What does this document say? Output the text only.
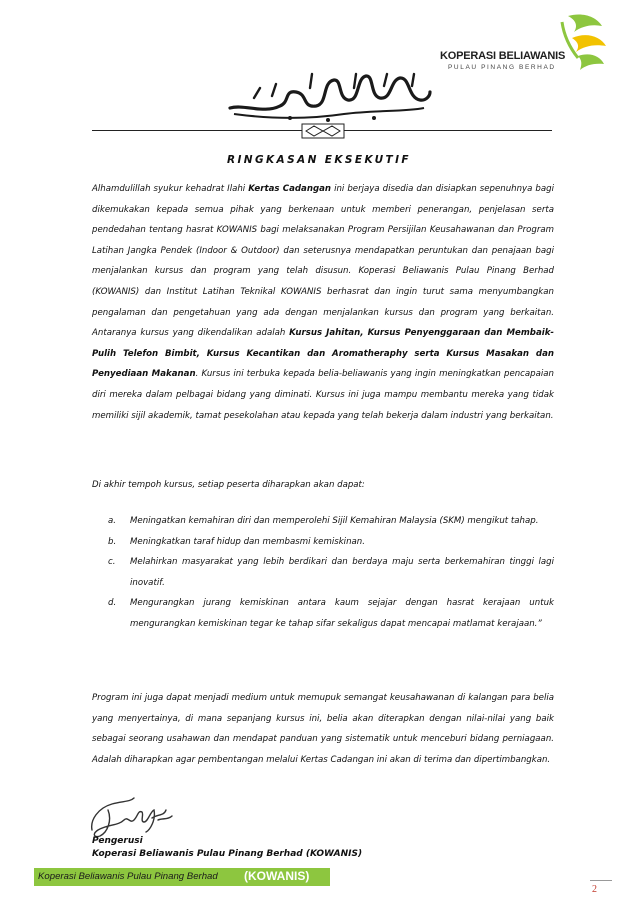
KOPERASI BELIAWANIS
PULAU PINANG BERHAD
RINGKASAN EKSEKUTIF

Alhamdulillah syukur kehadrat Ilahi Kertas Cadangan ini berjaya disedia dan disiapkan sepenuhnya bagi dikemukakan kepada semua pihak yang berkenaan untuk memberi penerangan, penjelasan serta pendedahan tentang hasrat KOWANIS bagi melaksanakan Program Persijilan Keusahawanan dan Program Latihan Jangka Pendek (Indoor & Outdoor) dan seterusnya mendapatkan peruntukan dan penajaan bagi menjalankan kursus dan program yang telah disusun. Koperasi Beliawanis Pulau Pinang Berhad (KOWANIS) dan Institut Latihan Teknikal KOWANIS berhasrat dan ingin turut sama menyumbangkan pengalaman dan pengetahuan yang ada dengan menjalankan kursus dan program yang berkaitan. Antaranya kursus yang dikendalikan adalah Kursus Jahitan, Kursus Penyenggaraan dan Membaik-Pulih Telefon Bimbit, Kursus Kecantikan dan Aromatheraphy serta Kursus Masakan dan Penyediaan Makanan. Kursus ini terbuka kepada belia-beliawanis yang ingin meningkatkan pencapaian diri mereka dalam pelbagai bidang yang diminati. Kursus ini juga mampu membantu mereka yang tidak memiliki sijil akademik, tamat pesekolahan atau kepada yang telah bekerja dalam industri yang berkaitan.

Di akhir tempoh kursus, setiap peserta diharapkan akan dapat:

a. Meningatkan kemahiran diri dan memperolehi Sijil Kemahiran Malaysia (SKM) mengikut tahap.
b. Meningkatkan taraf hidup dan membasmi kemiskinan.
c. Melahirkan masyarakat yang lebih berdikari dan berdaya maju serta berkemahiran tinggi lagi inovatif.
d. Mengurangkan jurang kemiskinan antara kaum sejajar dengan hasrat kerajaan untuk mengurangkan kemiskinan tegar ke tahap sifar sekaligus dapat mencapai matlamat kerajaan.”

Program ini juga dapat menjadi medium untuk memupuk semangat keusahawanan di kalangan para belia yang menyertainya, di mana sepanjang kursus ini, belia akan diterapkan dengan nilai-nilai yang baik sebagai seorang usahawan dan mendapat panduan yang sistematik untuk menceburi bidang perniagaan. Adalah diharapkan agar pembentangan melalui Kertas Cadangan ini akan di terima dan dipertimbangkan.

Pengerusi
Koperasi Beliawanis Pulau Pinang Berhad (KOWANIS)
Koperasi Beliawanis Pulau Pinang Berhad (KOWANIS)
2
